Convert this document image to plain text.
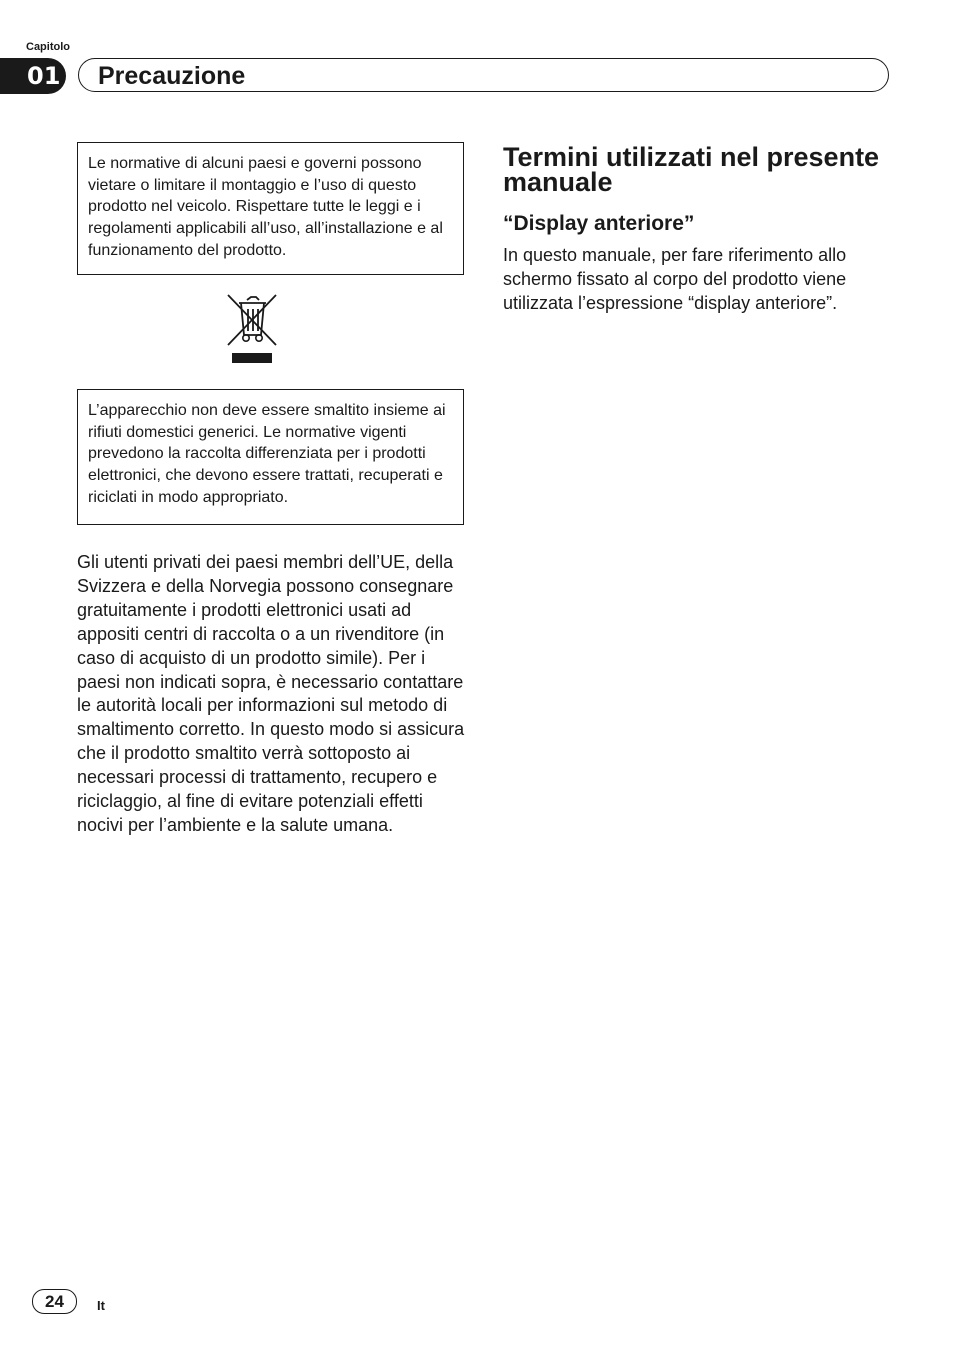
Capitolo
01 Precauzione
Le normative di alcuni paesi e governi possono vietare o limitare il montaggio e l’uso di questo prodotto nel veicolo. Rispettare tutte le leggi e i regolamenti applicabili all’uso, all’installazione e al funzionamento del prodotto.
L’apparecchio non deve essere smaltito insieme ai rifiuti domestici generici. Le normative vigenti prevedono la raccolta differenziata per i prodotti elettronici, che devono essere trattati, recuperati e riciclati in modo appropriato.
Gli utenti privati dei paesi membri dell’UE, della Svizzera e della Norvegia possono consegnare gratuitamente i prodotti elettronici usati ad appositi centri di raccolta o a un rivenditore (in caso di acquisto di un prodotto simile). Per i paesi non indicati sopra, è necessario contattare le autorità locali per informazioni sul metodo di smaltimento corretto. In questo modo si assicura che il prodotto smaltito verrà sottoposto ai necessari processi di trattamento, recupero e riciclaggio, al fine di evitare potenziali effetti nocivi per l’ambiente e la salute umana.
Termini utilizzati nel presente manuale
“Display anteriore”
In questo manuale, per fare riferimento allo schermo fissato al corpo del prodotto viene utilizzata l’espressione “display anteriore”.
24	It
